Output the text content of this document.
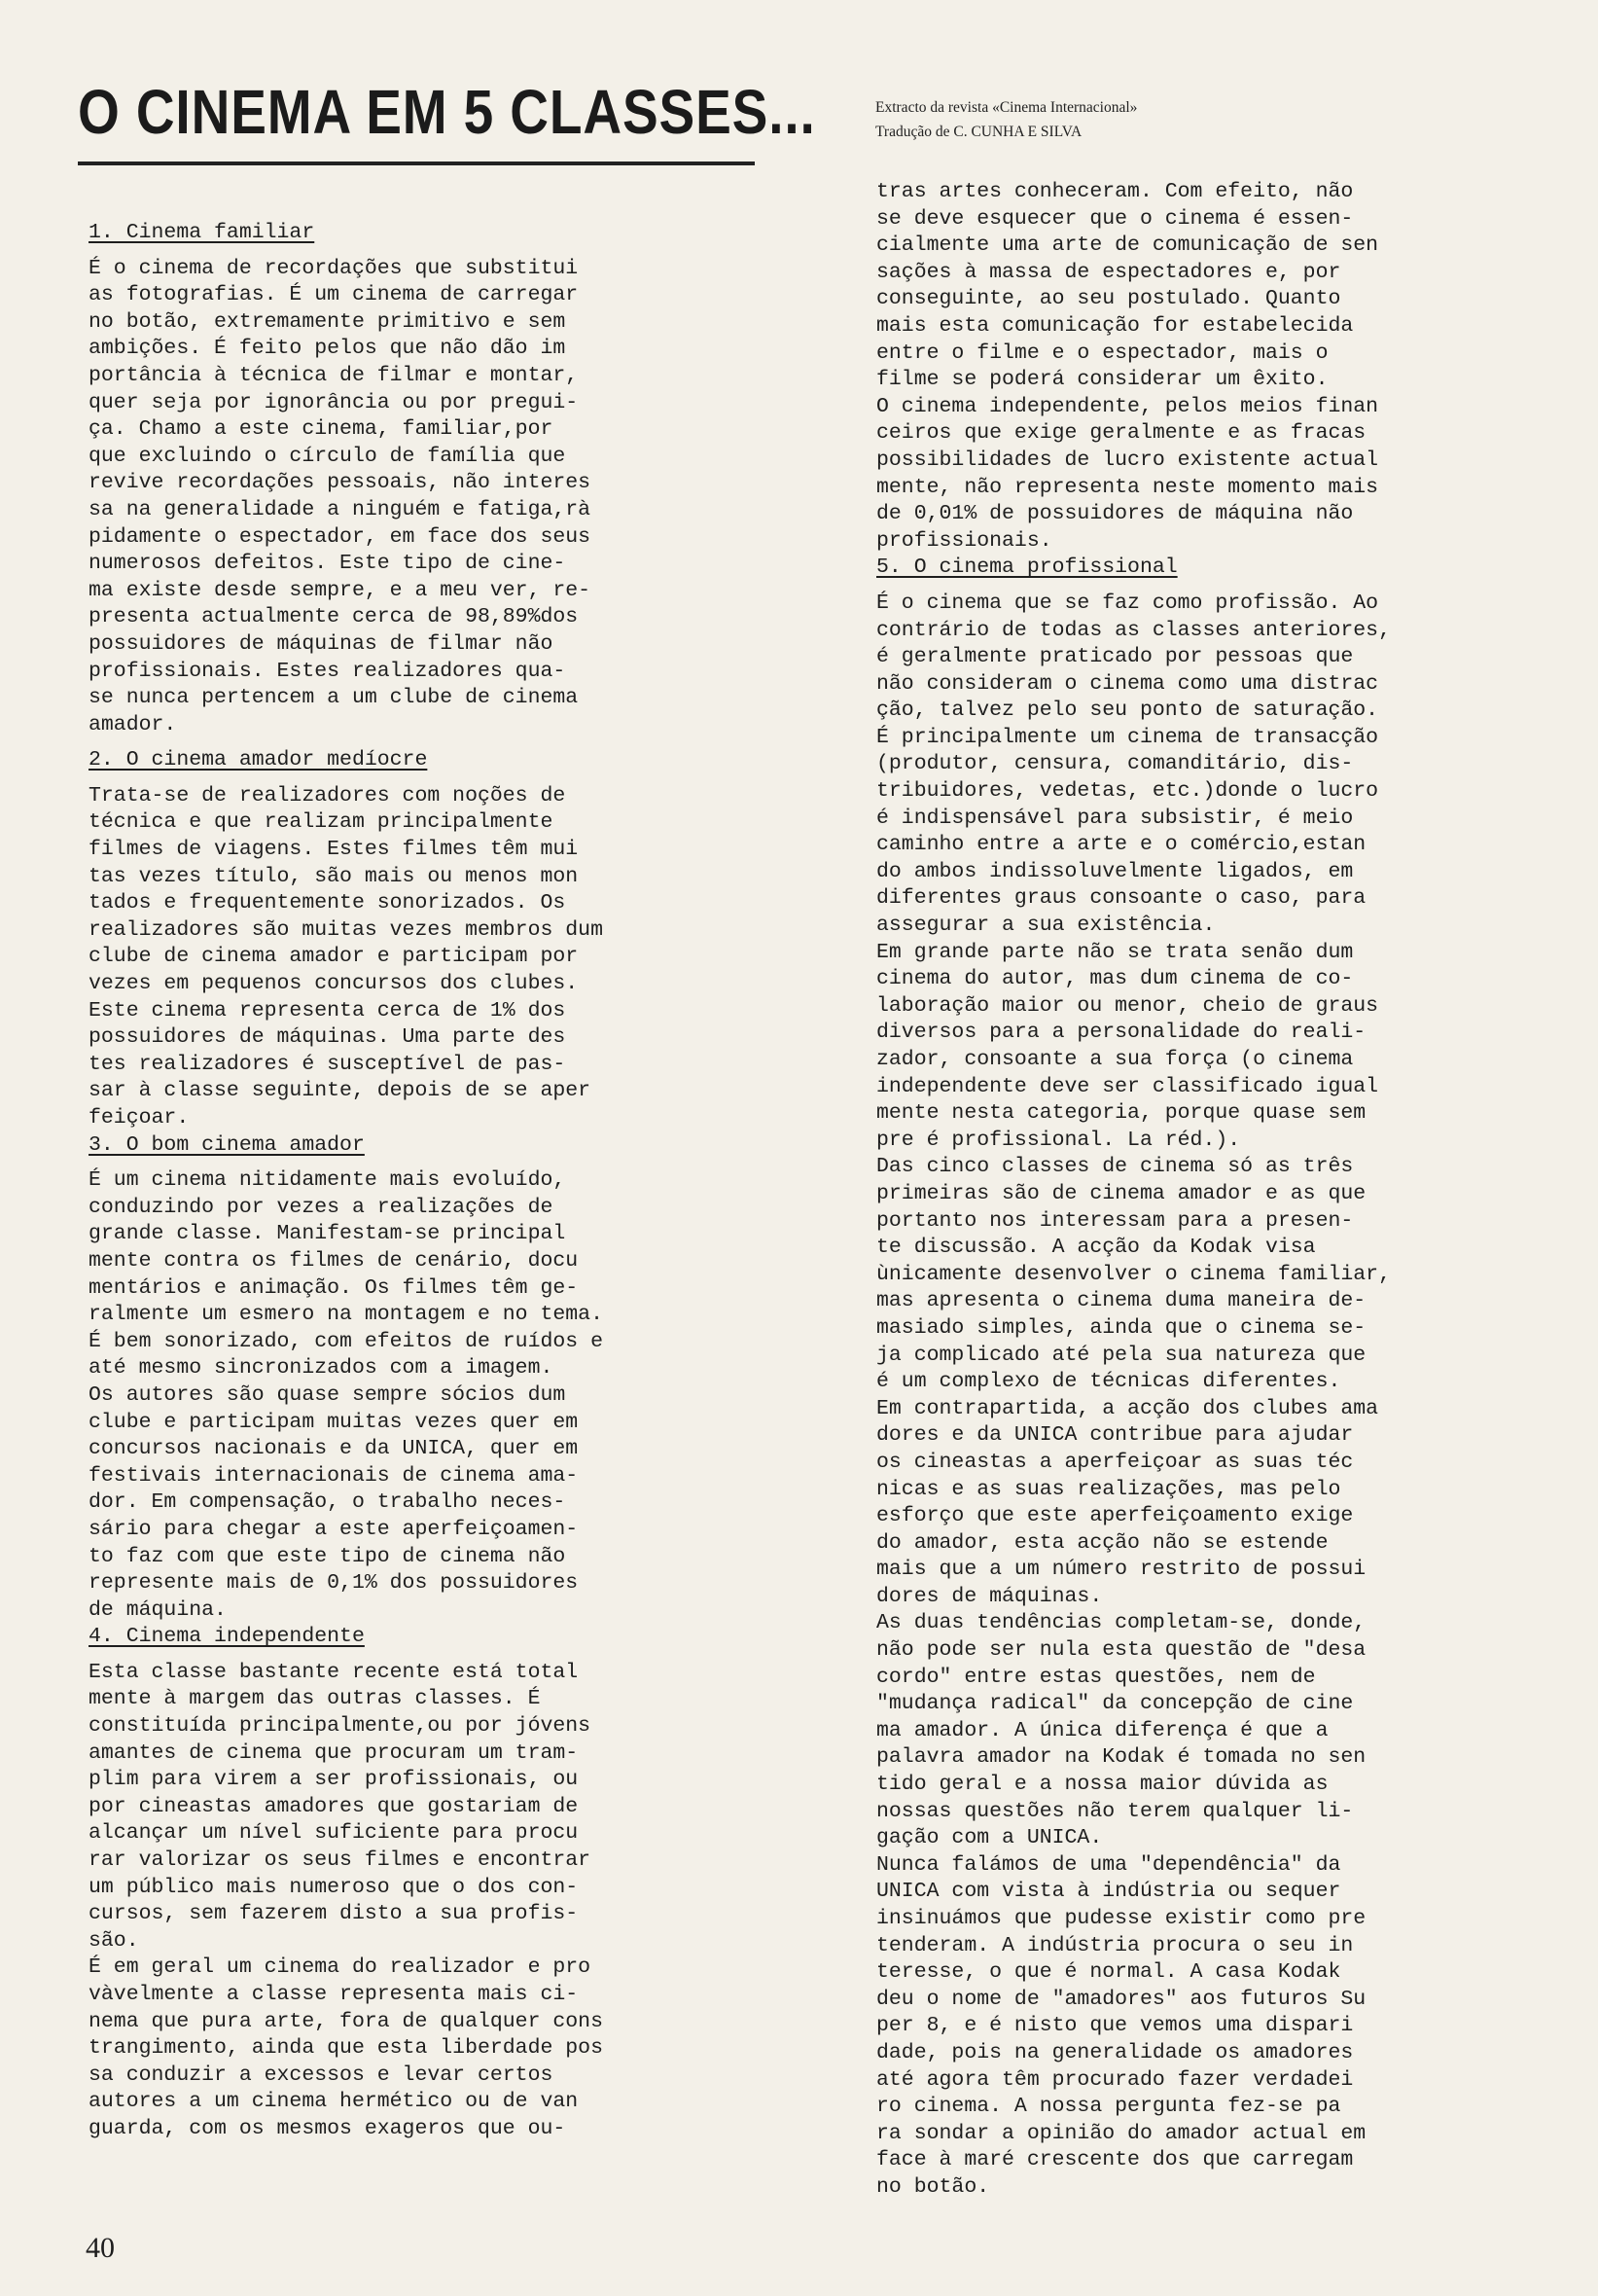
O CINEMA EM 5 CLASSES...	Extracto da revista «Cinema Internacional»
Tradução de C. CUNHA E SILVA
1. Cinema familiar
É o cinema de recordações que substitui
as fotografias. É um cinema de carregar
no botão, extremamente primitivo e sem
ambições. É feito pelos que não dão im
portância à técnica de filmar e montar,
quer seja por ignorância ou por pregui-
ça. Chamo a este cinema, familiar,por
que excluindo o círculo de família que
revive recordações pessoais, não interes
sa na generalidade a ninguém e fatiga,rà
pidamente o espectador, em face dos seus
numerosos defeitos. Este tipo de cine-
ma existe desde sempre, e a meu ver, re-
presenta actualmente cerca de 98,89%dos
possuidores de máquinas de filmar não
profissionais. Estes realizadores qua-
se nunca pertencem a um clube de cinema
amador.
2. O cinema amador medíocre
Trata-se de realizadores com noções de
técnica e que realizam principalmente
filmes de viagens. Estes filmes têm mui
tas vezes título, são mais ou menos mon
tados e frequentemente sonorizados. Os
realizadores são muitas vezes membros dum
clube de cinema amador e participam por
vezes em pequenos concursos dos clubes.
Este cinema representa cerca de 1% dos
possuidores de máquinas. Uma parte des
tes realizadores é susceptível de pas-
sar à classe seguinte, depois de se aper
feiçoar.
3. O bom cinema amador
É um cinema nitidamente mais evoluído,
conduzindo por vezes a realizações de
grande classe. Manifestam-se principal
mente contra os filmes de cenário, docu
mentários e animação. Os filmes têm ge-
ralmente um esmero na montagem e no tema.
É bem sonorizado, com efeitos de ruídos e
até mesmo sincronizados com a imagem.
Os autores são quase sempre sócios dum
clube e participam muitas vezes quer em
concursos nacionais e da UNICA, quer em
festivais internacionais de cinema ama-
dor. Em compensação, o trabalho neces-
sário para chegar a este aperfeiçoamen-
to faz com que este tipo de cinema não
represente mais de 0,1% dos possuidores
de máquina.
4. Cinema independente
Esta classe bastante recente está total
mente à margem das outras classes. É
constituída principalmente,ou por jóvens
amantes de cinema que procuram um tram-
plim para virem a ser profissionais, ou
por cineastas amadores que gostariam de
alcançar um nível suficiente para procu
rar valorizar os seus filmes e encontrar
um público mais numeroso que o dos con-
cursos, sem fazerem disto a sua profis-
são.
É em geral um cinema do realizador e pro
vàvelmente a classe representa mais ci-
nema que pura arte, fora de qualquer cons
trangimento, ainda que esta liberdade pos
sa conduzir a excessos e levar certos
autores a um cinema hermético ou de van
guarda, com os mesmos exageros que ou-
tras artes conheceram. Com efeito, não
se deve esquecer que o cinema é essen-
cialmente uma arte de comunicação de sen
sações à massa de espectadores e, por
conseguinte, ao seu postulado. Quanto
mais esta comunicação for estabelecida
entre o filme e o espectador, mais o
filme se poderá considerar um êxito.
O cinema independente, pelos meios finan
ceiros que exige geralmente e as fracas
possibilidades de lucro existente actual
mente, não representa neste momento mais
de 0,01% de possuidores de máquina não
profissionais.
5. O cinema profissional
É o cinema que se faz como profissão. Ao
contrário de todas as classes anteriores,
é geralmente praticado por pessoas que
não consideram o cinema como uma distrac
ção, talvez pelo seu ponto de saturação.
É principalmente um cinema de transacção
(produtor, censura, comanditário, dis-
tribuidores, vedetas, etc.)donde o lucro
é indispensável para subsistir, é meio
caminho entre a arte e o comércio,estan
do ambos indissoluvelmente ligados, em
diferentes graus consoante o caso, para
assegurar a sua existência.
Em grande parte não se trata senão dum
cinema do autor, mas dum cinema de co-
laboração maior ou menor, cheio de graus
diversos para a personalidade do reali-
zador, consoante a sua força (o cinema
independente deve ser classificado igual
mente nesta categoria, porque quase sem
pre é profissional. La réd.).
Das cinco classes de cinema só as três
primeiras são de cinema amador e as que
portanto nos interessam para a presen-
te discussão. A acção da Kodak visa
ùnicamente desenvolver o cinema familiar,
mas apresenta o cinema duma maneira de-
masiado simples, ainda que o cinema se-
ja complicado até pela sua natureza que
é um complexo de técnicas diferentes.
Em contrapartida, a acção dos clubes ama
dores e da UNICA contribue para ajudar
os cineastas a aperfeiçoar as suas téc
nicas e as suas realizações, mas pelo
esforço que este aperfeiçoamento exige
do amador, esta acção não se estende
mais que a um número restrito de possui
dores de máquinas.
As duas tendências completam-se, donde,
não pode ser nula esta questão de "desa
cordo" entre estas questões, nem de
"mudança radical" da concepção de cine
ma amador. A única diferença é que a
palavra amador na Kodak é tomada no sen
tido geral e a nossa maior dúvida as
nossas questões não terem qualquer li-
gação com a UNICA.
Nunca falámos de uma "dependência" da
UNICA com vista à indústria ou sequer
insinuámos que pudesse existir como pre
tenderam. A indústria procura o seu in
teresse, o que é normal. A casa Kodak
deu o nome de "amadores" aos futuros Su
per 8, e é nisto que vemos uma dispari
dade, pois na generalidade os amadores
até agora têm procurado fazer verdadei
ro cinema. A nossa pergunta fez-se pa
ra sondar a opinião do amador actual em
face à maré crescente dos que carregam
no botão.
40
